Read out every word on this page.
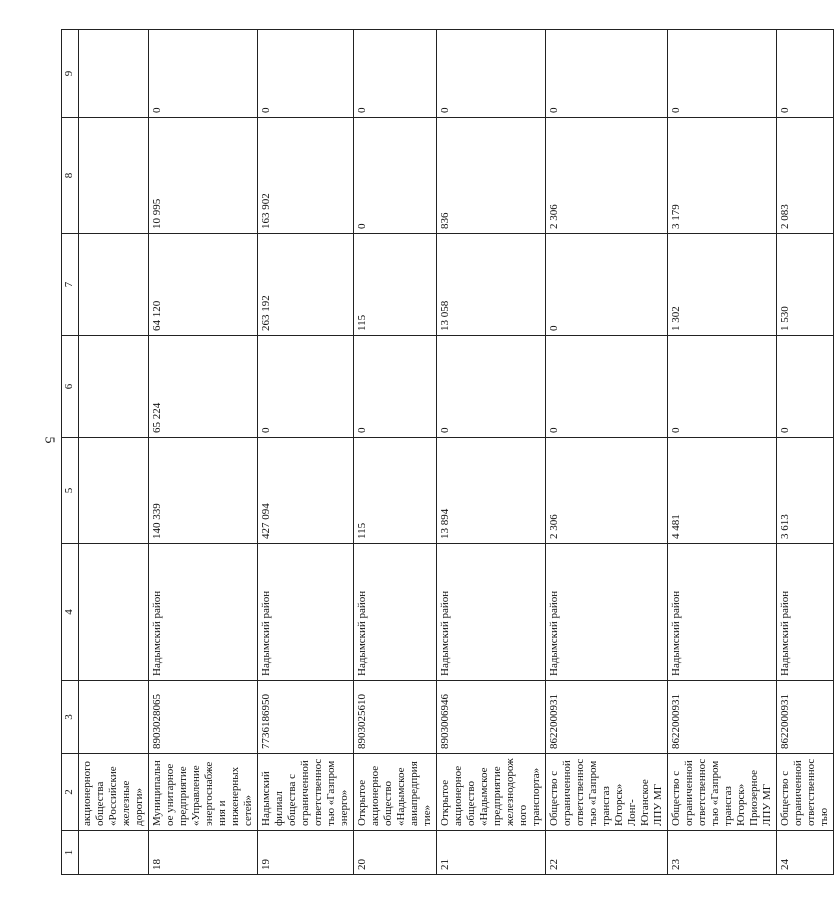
5
1	2	3	4	5	6	7	8	9
	акционерного общества «Российские железные дороги»							
18	Муниципальное унитарное предприятие «Управление энергоснабжения и инженерных сетей»	8903028065	Надымский район	140 339	65 224	64 120	10 995	0
19	Надымский филиал общества с ограниченной ответственностью «Газпром энерго»	7736186950	Надымский район	427 094	0	263 192	163 902	0
20	Открытое акционерное общество «Надымское авиапредприятие»	8903025610	Надымский район	115	0	115	0	0
21	Открытое акционерное общество «Надымское предприятие железнодорожного транспорта»	8903006946	Надымский район	13 894	0	13 058	836	0
22	Общество с ограниченной ответственностью «Газпром трансгаз Югорск» Лонг-Юганское ЛПУ МГ	8622000931	Надымский район	2 306	0	0	2 306	0
23	Общество с ограниченной ответственностью «Газпром трансгаз Югорск» Приозерное ЛПУ МГ	8622000931	Надымский район	4 481	0	1 302	3 179	0
24	Общество с ограниченной ответственностью	8622000931	Надымский район	3 613	0	1 530	2 083	0
